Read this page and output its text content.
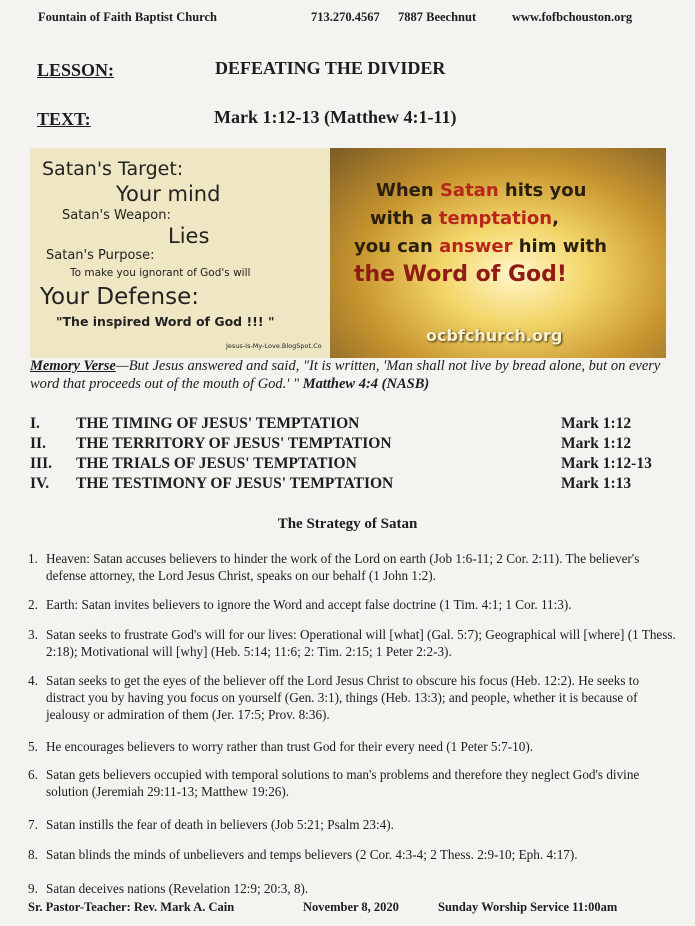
Fountain of Faith Baptist Church	713.270.4567 7887 Beechnut	www.fofbchouston.org
LESSON:	DEFEATING THE DIVIDER
TEXT:	Mark 1:12-13 (Matthew 4:1-11)
Satan's Target:
Your mind
Satan's Weapon:
Lies
Satan's Purpose:
To make you ignorant of God's will
Your Defense:
"The inspired Word of God !!! "
Jesus-Is-My-Love.BlogSpot.Co
When Satan hits you
with a temptation,
you can answer him with
the Word of God!
ocbfchurch.org
Memory Verse—But Jesus answered and said, "It is written, 'Man shall not live by bread alone, but on every word that proceeds out of the mouth of God.' " Matthew 4:4 (NASB)
I. THE TIMING OF JESUS' TEMPTATION	Mark 1:12
II. THE TERRITORY OF JESUS' TEMPTATION	Mark 1:12
III. THE TRIALS OF JESUS' TEMPTATION	Mark 1:12-13
IV. THE TESTIMONY OF JESUS' TEMPTATION	Mark 1:13
The Strategy of Satan
1. Heaven: Satan accuses believers to hinder the work of the Lord on earth (Job 1:6-11; 2 Cor. 2:11). The believer's defense attorney, the Lord Jesus Christ, speaks on our behalf (1 John 1:2).
2. Earth: Satan invites believers to ignore the Word and accept false doctrine (1 Tim. 4:1; 1 Cor. 11:3).
3. Satan seeks to frustrate God's will for our lives: Operational will [what] (Gal. 5:7); Geographical will [where] (1 Thess. 2:18); Motivational will [why] (Heb. 5:14; 11:6; 2: Tim. 2:15; 1 Peter 2:2-3).
4. Satan seeks to get the eyes of the believer off the Lord Jesus Christ to obscure his focus (Heb. 12:2). He seeks to distract you by having you focus on yourself (Gen. 3:1), things (Heb. 13:3); and people, whether it is because of jealousy or admiration of them (Jer. 17:5; Prov. 8:36).
5. He encourages believers to worry rather than trust God for their every need (1 Peter 5:7-10).
6. Satan gets believers occupied with temporal solutions to man's problems and therefore they neglect God's divine solution (Jeremiah 29:11-13; Matthew 19:26).
7. Satan instills the fear of death in believers (Job 5:21; Psalm 23:4).
8. Satan blinds the minds of unbelievers and temps believers (2 Cor. 4:3-4; 2 Thess. 2:9-10; Eph. 4:17).
9. Satan deceives nations (Revelation 12:9; 20:3, 8).
Sr. Pastor-Teacher: Rev. Mark A. Cain	November 8, 2020	Sunday Worship Service 11:00am
